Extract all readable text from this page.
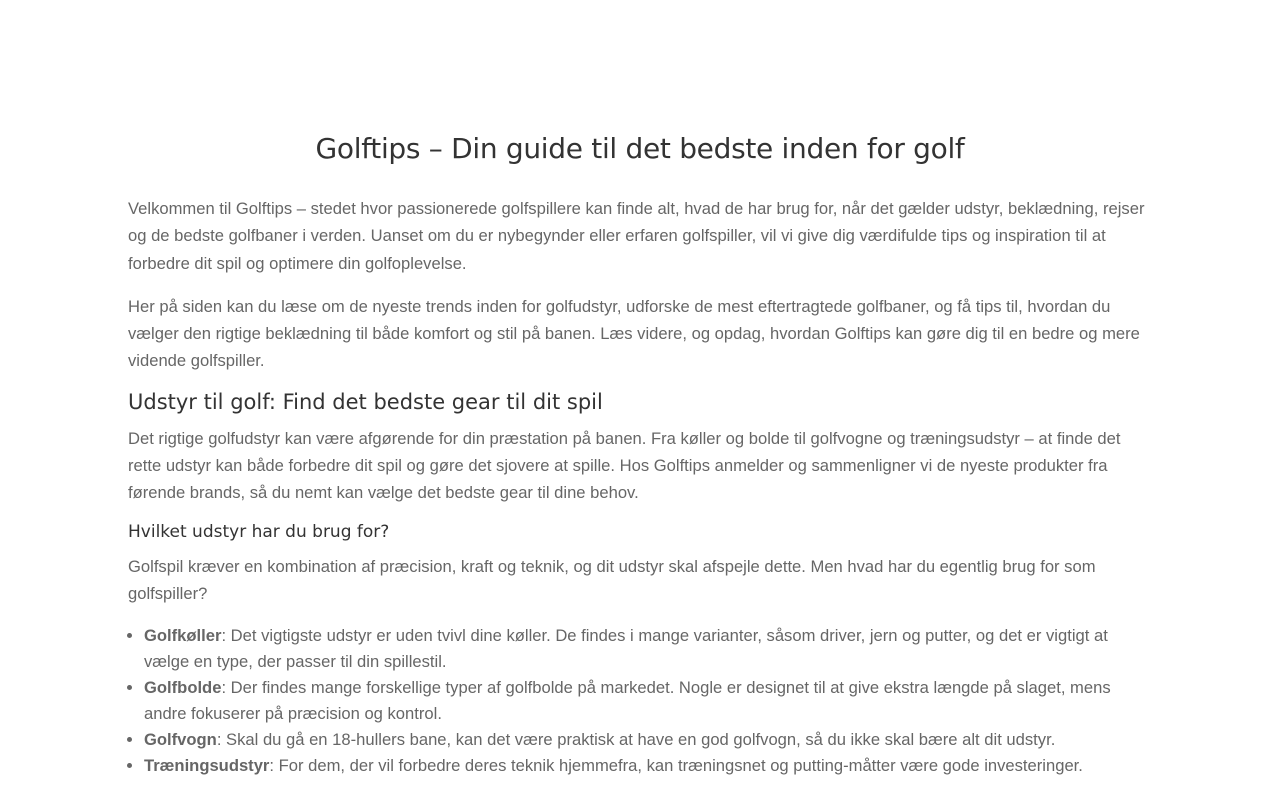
Golftips – Din guide til det bedste inden for golf

Velkommen til Golftips – stedet hvor passionerede golfspillere kan finde alt, hvad de har brug for, når det gælder udstyr, beklædning, rejser og de bedste golfbaner i verden. Uanset om du er nybegynder eller erfaren golfspiller, vil vi give dig værdifulde tips og inspiration til at forbedre dit spil og optimere din golfoplevelse.

Her på siden kan du læse om de nyeste trends inden for golfudstyr, udforske de mest eftertragtede golfbaner, og få tips til, hvordan du vælger den rigtige beklædning til både komfort og stil på banen. Læs videre, og opdag, hvordan Golftips kan gøre dig til en bedre og mere vidende golfspiller.

Udstyr til golf: Find det bedste gear til dit spil

Det rigtige golfudstyr kan være afgørende for din præstation på banen. Fra køller og bolde til golfvogne og træningsudstyr – at finde det rette udstyr kan både forbedre dit spil og gøre det sjovere at spille. Hos Golftips anmelder og sammenligner vi de nyeste produkter fra førende brands, så du nemt kan vælge det bedste gear til dine behov.

Hvilket udstyr har du brug for?

Golfspil kræver en kombination af præcision, kraft og teknik, og dit udstyr skal afspejle dette. Men hvad har du egentlig brug for som golfspiller?

• Golfkøller: Det vigtigste udstyr er uden tvivl dine køller. De findes i mange varianter, såsom driver, jern og putter, og det er vigtigt at vælge en type, der passer til din spillestil.
• Golfbolde: Der findes mange forskellige typer af golfbolde på markedet. Nogle er designet til at give ekstra længde på slaget, mens andre fokuserer på præcision og kontrol.
• Golfvogn: Skal du gå en 18-hullers bane, kan det være praktisk at have en god golfvogn, så du ikke skal bære alt dit udstyr.
• Træningsudstyr: For dem, der vil forbedre deres teknik hjemmefra, kan træningsnet og putting-måtter være gode investeringer.
